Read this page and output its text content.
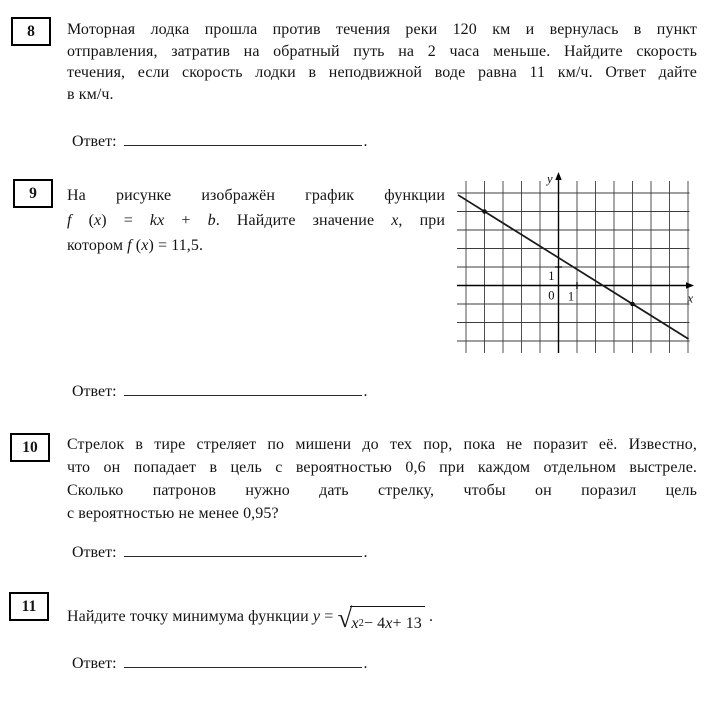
8 Моторная лодка прошла против течения реки 120 км и вернулась в пункт
отправления, затратив на обратный путь на 2 часа меньше. Найдите скорость
течения, если скорость лодки в неподвижной воде равна 11 км/ч. Ответ дайте
в км/ч.
Ответ:	.
9 На рисунке изображён график функции
f (x) = kx + b. Найдите значение x, при
котором f (x) = 11,5.
y
x
0
1
1
Ответ:	.
10 Стрелок в тире стреляет по мишени до тех пор, пока не поразит её. Известно,
что он попадает в цель с вероятностью 0,6 при каждом отдельном выстреле.
Сколько патронов нужно дать стрелку, чтобы он поразил цель
с вероятностью не менее 0,95?
Ответ:	.
11
Найдите точку минимума функции y = √ x 2 − 4 x + 13 .
Ответ:	.
